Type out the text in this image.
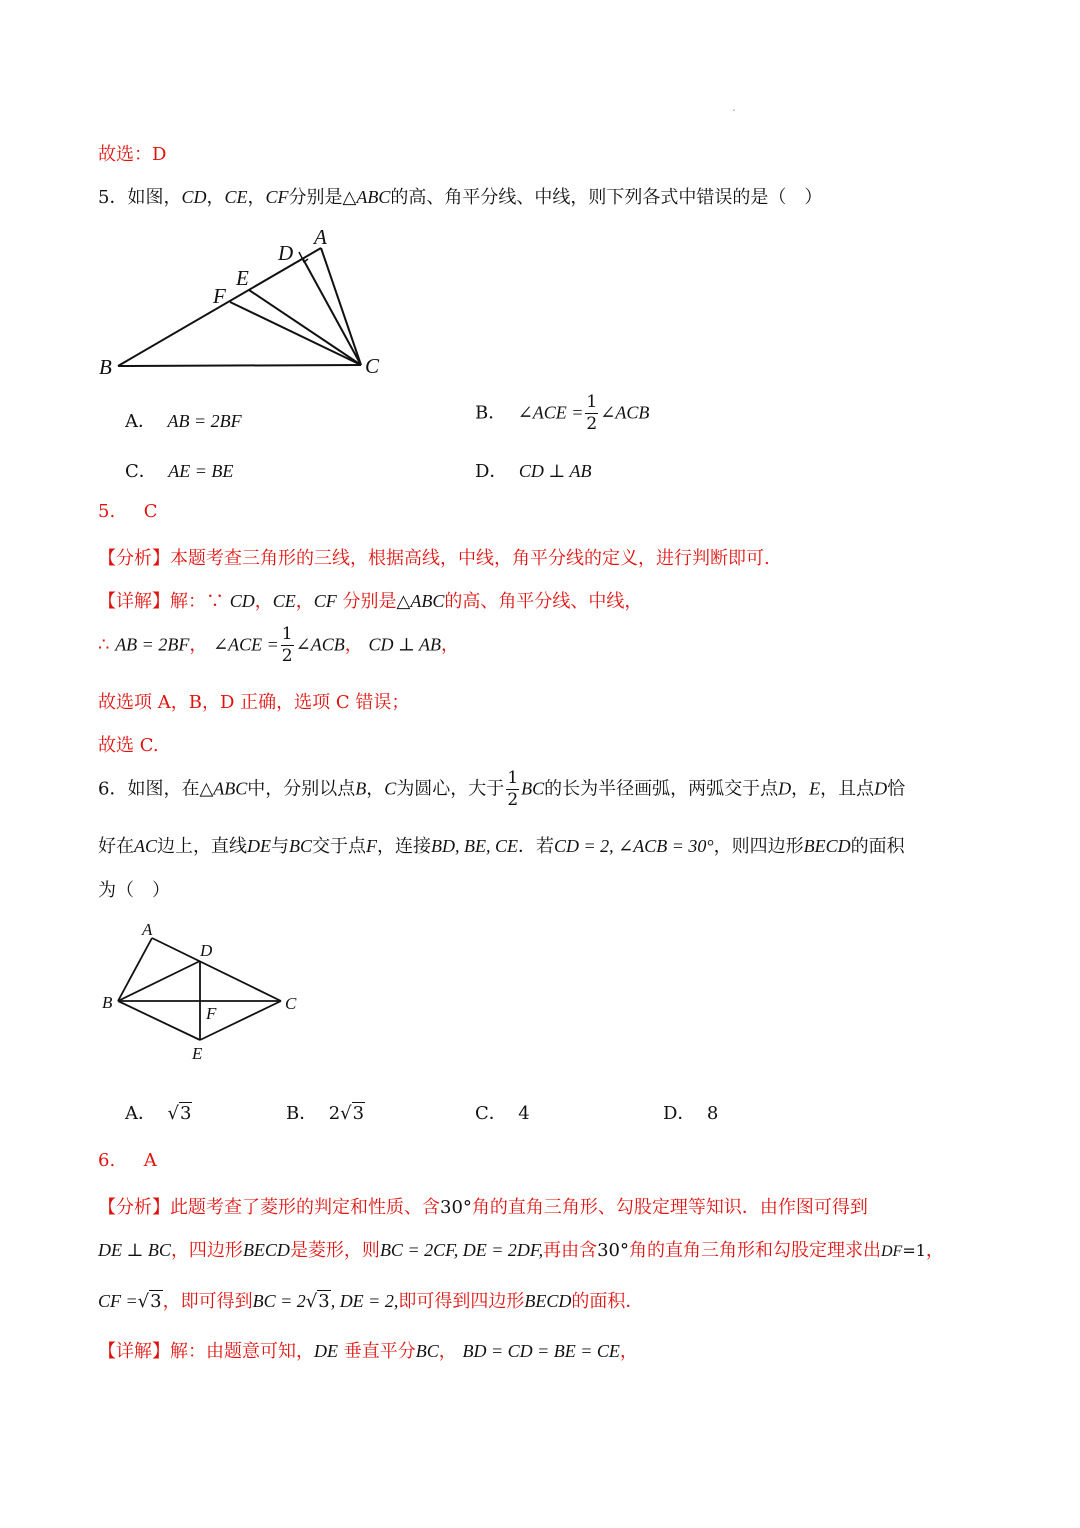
.
故选：D
5．如图，CD，CE，CF分别是△ABC的高、角平分线、中线，则下列各式中错误的是（　）
A
D
E
F
B	C
A． AB = 2BF	B． ∠ACE = $\frac{1}{2}$ ∠ACB
C． AE = BE	D． CD ⊥ AB
5. C
【分析】本题考查三角形的三线，根据高线，中线，角平分线的定义，进行判断即可.
【详解】解：∵ CD，CE，CF 分别是△ABC的高、角平分线、中线，
∴ AB = 2BF， ∠ACE = $\frac{1}{2}$ ∠ACB， CD ⊥ AB，
故选项 A，B，D 正确，选项 C 错误；
故选 C.
6．如图，在△ABC中，分别以点B，C为圆心，大于 $\frac{1}{2}$ BC的长为半径画弧，两弧交于点D，E，且点D恰
好在AC边上，直线DE与BC交于点F，连接BD, BE, CE．若CD = 2, ∠ACB = 30°，则四边形BECD的面积
为（　）
A
D
B	C
F
E
A． √3	B． 2√3	C． 4	D． 8
6. A
【分析】此题考查了菱形的判定和性质、含30°角的直角三角形、勾股定理等知识．由作图可得到
DE ⊥ BC，四边形BECD是菱形，则BC = 2CF, DE = 2DF,再由含30°角的直角三角形和勾股定理求出DF=1，
CF =√3，即可得到BC = 2√3, DE = 2,即可得到四边形BECD的面积．
【详解】解：由题意可知，DE 垂直平分BC， BD = CD = BE = CE，
